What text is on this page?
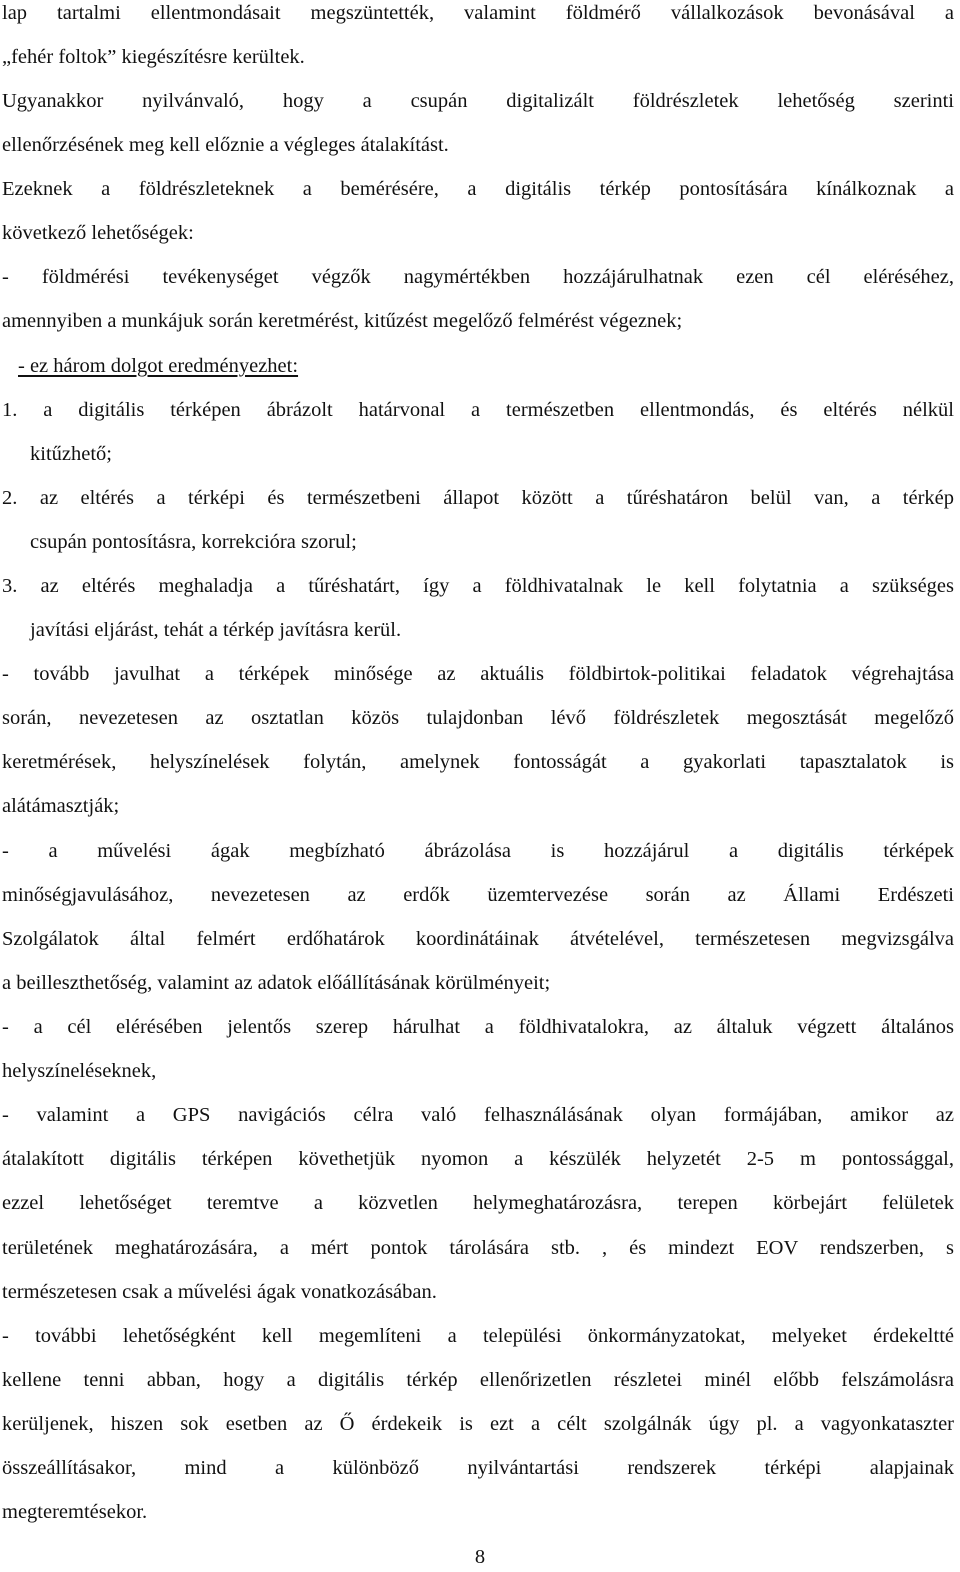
lap tartalmi ellentmondásait megszüntették, valamint földmérő vállalkozások bevonásával a
„fehér foltok” kiegészítésre kerültek.
Ugyanakkor nyilvánvaló, hogy a csupán digitalizált földrészletek lehetőség szerinti
ellenőrzésének meg kell előznie a végleges átalakítást.
Ezeknek a földrészleteknek a bemérésére, a digitális térkép pontosítására kínálkoznak a
következő lehetőségek:
- földmérési tevékenységet végzők nagymértékben hozzájárulhatnak ezen cél eléréséhez,
amennyiben a munkájuk során keretmérést, kitűzést megelőző felmérést végeznek;
- ez három dolgot eredményezhet:
1. a digitális térképen ábrázolt határvonal a természetben ellentmondás, és eltérés nélkül
kitűzhető;
2. az eltérés a térképi és természetbeni állapot között a tűréshatáron belül van, a térkép
csupán pontosításra, korrekcióra szorul;
3. az eltérés meghaladja a tűréshatárt, így a földhivatalnak le kell folytatnia a szükséges
javítási eljárást, tehát a térkép javításra kerül.
- tovább javulhat a térképek minősége az aktuális földbirtok-politikai feladatok végrehajtása
során, nevezetesen az osztatlan közös tulajdonban lévő földrészletek megosztását megelőző
keretmérések, helyszínelések folytán, amelynek fontosságát a gyakorlati tapasztalatok is
alátámasztják;
- a művelési ágak megbízható ábrázolása is hozzájárul a digitális térképek
minőségjavulásához, nevezetesen az erdők üzemtervezése során az Állami Erdészeti
Szolgálatok által felmért erdőhatárok koordinátáinak átvételével, természetesen megvizsgálva
a beilleszthetőség, valamint az adatok előállításának körülményeit;
- a cél elérésében jelentős szerep hárulhat a földhivatalokra, az általuk végzett általános
helyszíneléseknek,
- valamint a GPS navigációs célra való felhasználásának olyan formájában, amikor az
átalakított digitális térképen követhetjük nyomon a készülék helyzetét 2-5 m pontossággal,
ezzel lehetőséget teremtve a közvetlen helymeghatározásra, terepen körbejárt felületek
területének meghatározására, a mért pontok tárolására stb. , és mindezt EOV rendszerben, s
természetesen csak a művelési ágak vonatkozásában.
- további lehetőségként kell megemlíteni a települési önkormányzatokat, melyeket érdekeltté
kellene tenni abban, hogy a digitális térkép ellenőrizetlen részletei minél előbb felszámolásra
kerüljenek, hiszen sok esetben az Ő érdekeik is ezt a célt szolgálnák úgy pl. a vagyonkataszter
összeállításakor, mind a különböző nyilvántartási rendszerek térképi alapjainak
megteremtésekor.
8
